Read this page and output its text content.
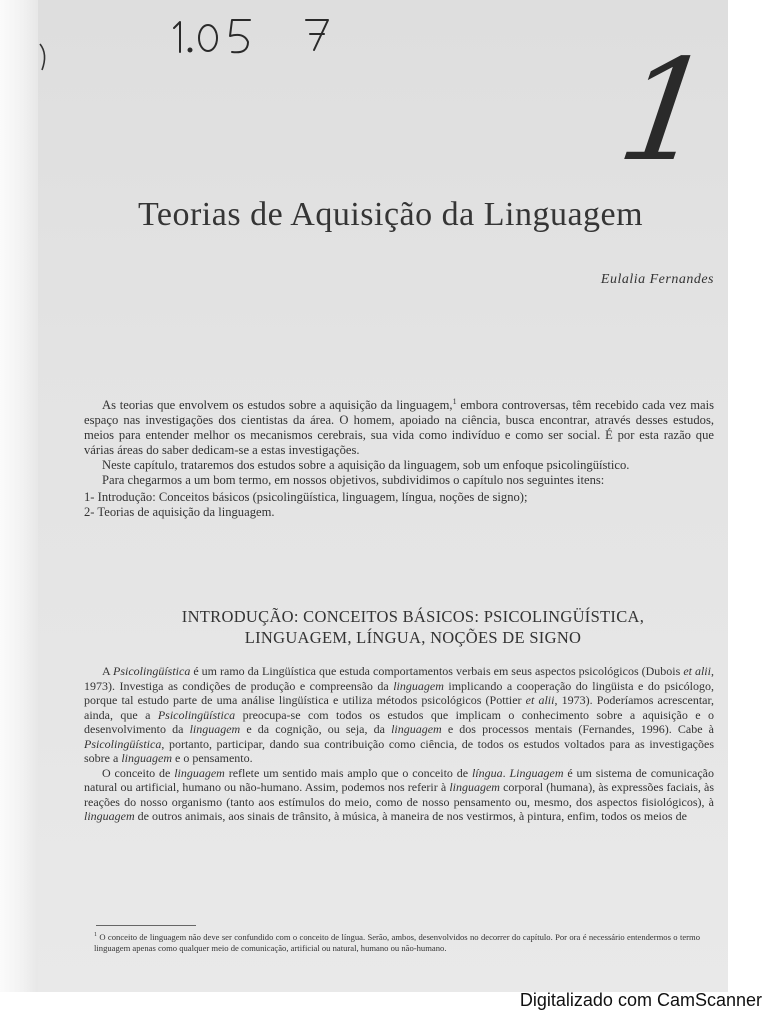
1
Teorias de Aquisição da Linguagem
Eulalia Fernandes

As teorias que envolvem os estudos sobre a aquisição da linguagem,$^1$ embora controversas, têm recebido cada vez mais espaço nas investigações dos cientistas da área. O homem, apoiado na ciência, busca encontrar, através desses estudos, meios para entender melhor os mecanismos cerebrais, sua vida como indivíduo e como ser social. É por esta razão que várias áreas do saber dedicam-se a estas investigações.

Neste capítulo, trataremos dos estudos sobre a aquisição da linguagem, sob um enfoque psicolingüístico.

Para chegarmos a um bom termo, em nossos objetivos, subdividimos o capítulo nos seguintes itens:

1- Introdução: Conceitos básicos (psicolingüística, linguagem, língua, noções de signo);
2- Teorias de aquisição da linguagem.
INTRODUÇÃO: CONCEITOS BÁSICOS: PSICOLINGÜÍSTICA,
LINGUAGEM, LÍNGUA, NOÇÕES DE SIGNO

A Psicolingüística é um ramo da Lingüística que estuda comportamentos verbais em seus aspectos psicológicos (Dubois et alii, 1973). Investiga as condições de produção e compreensão da linguagem implicando a cooperação do lingüista e do psicólogo, porque tal estudo parte de uma análise lingüística e utiliza métodos psicológicos (Pottier et alii, 1973). Poderíamos acrescentar, ainda, que a Psicolingüística preocupa-se com todos os estudos que implicam o conhecimento sobre a aquisição e o desenvolvimento da linguagem e da cognição, ou seja, da linguagem e dos processos mentais (Fernandes, 1996). Cabe à Psicolingüística, portanto, participar, dando sua contribuição como ciência, de todos os estudos voltados para as investigações sobre a linguagem e o pensamento.

O conceito de linguagem reflete um sentido mais amplo que o conceito de língua. Linguagem é um sistema de comunicação natural ou artificial, humano ou não-humano. Assim, podemos nos referir à linguagem corporal (humana), às expressões faciais, às reações do nosso organismo (tanto aos estímulos do meio, como de nosso pensamento ou, mesmo, dos aspectos fisiológicos), à linguagem de outros animais, aos sinais de trânsito, à música, à maneira de nos vestirmos, à pintura, enfim, todos os meios de

$^1$ O conceito de linguagem não deve ser confundido com o conceito de língua. Serão, ambos, desenvolvidos no decorrer do capítulo. Por ora é necessário entendermos o termo linguagem apenas como qualquer meio de comunicação, artificial ou natural, humano ou não-humano.
Digitalizado com CamScanner
